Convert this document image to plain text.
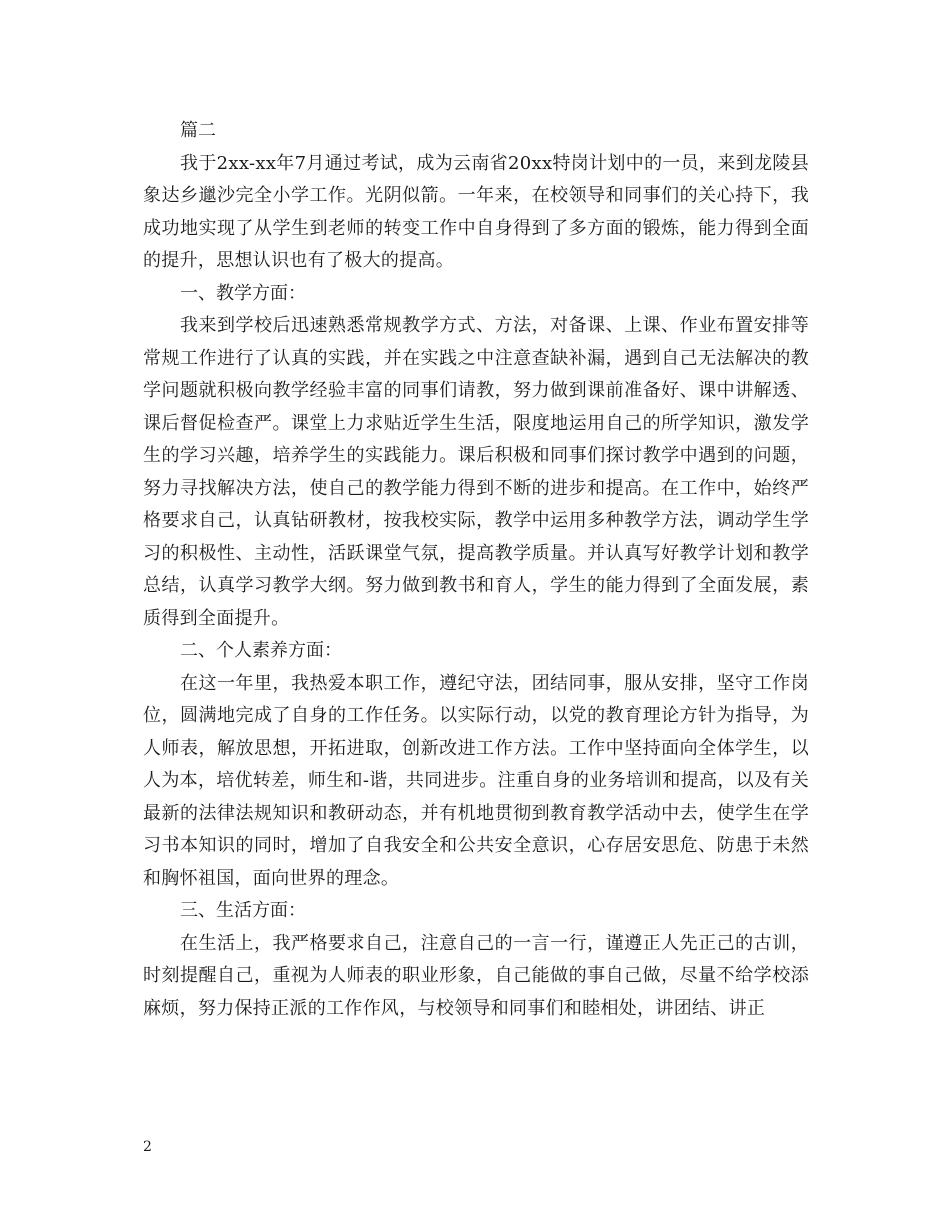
篇二

我于2xx-xx年7月通过考试，成为云南省20xx特岗计划中的一员，来到龙陵县象达乡邋沙完全小学工作。光阴似箭。一年来，在校领导和同事们的关心持下，我成功地实现了从学生到老师的转变工作中自身得到了多方面的锻炼，能力得到全面的提升，思想认识也有了极大的提高。

一、教学方面：

我来到学校后迅速熟悉常规教学方式、方法，对备课、上课、作业布置安排等常规工作进行了认真的实践，并在实践之中注意查缺补漏，遇到自己无法解决的教学问题就积极向教学经验丰富的同事们请教，努力做到课前准备好、课中讲解透、课后督促检查严。课堂上力求贴近学生生活，限度地运用自己的所学知识，激发学生的学习兴趣，培养学生的实践能力。课后积极和同事们探讨教学中遇到的问题，努力寻找解决方法，使自己的教学能力得到不断的进步和提高。在工作中，始终严格要求自己，认真钻研教材，按我校实际，教学中运用多种教学方法，调动学生学习的积极性、主动性，活跃课堂气氛，提高教学质量。并认真写好教学计划和教学总结，认真学习教学大纲。努力做到教书和育人，学生的能力得到了全面发展，素质得到全面提升。

二、个人素养方面：

在这一年里，我热爱本职工作，遵纪守法，团结同事，服从安排，坚守工作岗位，圆满地完成了自身的工作任务。以实际行动，以党的教育理论方针为指导，为人师表，解放思想，开拓进取，创新改进工作方法。工作中坚持面向全体学生，以人为本，培优转差，师生和-谐，共同进步。注重自身的业务培训和提高，以及有关最新的法律法规知识和教研动态，并有机地贯彻到教育教学活动中去，使学生在学习书本知识的同时，增加了自我安全和公共安全意识，心存居安思危、防患于未然和胸怀祖国，面向世界的理念。

三、生活方面：

在生活上，我严格要求自己，注意自己的一言一行，谨遵正人先正己的古训，时刻提醒自己，重视为人师表的职业形象，自己能做的事自己做，尽量不给学校添麻烦，努力保持正派的工作作风，与校领导和同事们和睦相处，讲团结、讲正

2
